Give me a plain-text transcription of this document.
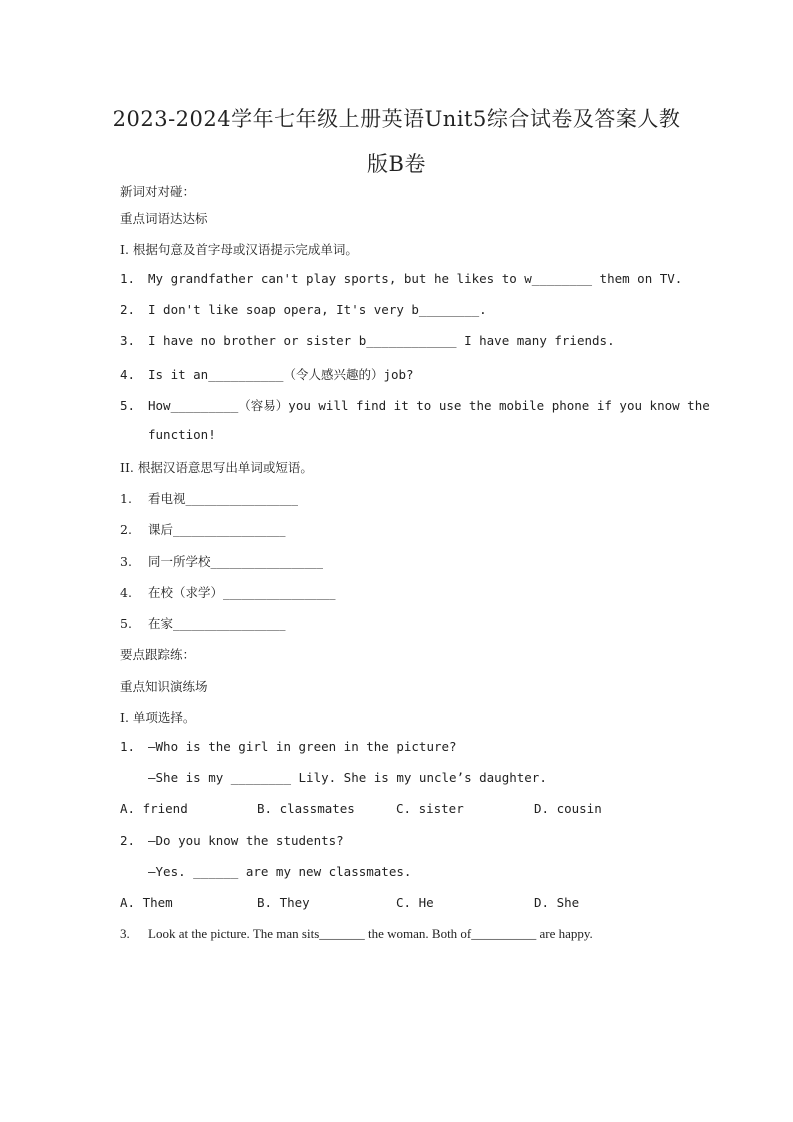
2023-2024学年七年级上册英语Unit5综合试卷及答案人教
版B卷
新词对对碰：
重点词语达达标
I. 根据句意及首字母或汉语提示完成单词。
1. My grandfather can't play sports, but he likes to w________ them on TV.
2. I don't like soap opera, It's very b________.
3. I have no brother or sister b____________ I have many friends.
4. Is it an__________（令人感兴趣的）job?
5. How_________（容易）you will find it to use the mobile phone if you know the
function!
II. 根据汉语意思写出单词或短语。
1. 看电视__________________
2. 课后__________________
3. 同一所学校__________________
4. 在校（求学）__________________
5. 在家__________________
要点跟踪练：
重点知识演练场
I. 单项选择。
1. —Who is the girl in green in the picture?
—She is my ________ Lily. She is my uncle’s daughter.
A. friend	B. classmates	C. sister	D. cousin
2. —Do you know the students?
—Yes. ______ are my new classmates.
A. Them	B. They	C. He	D. She
3. Look at the picture. The man sits_______ the woman. Both of__________ are happy.
